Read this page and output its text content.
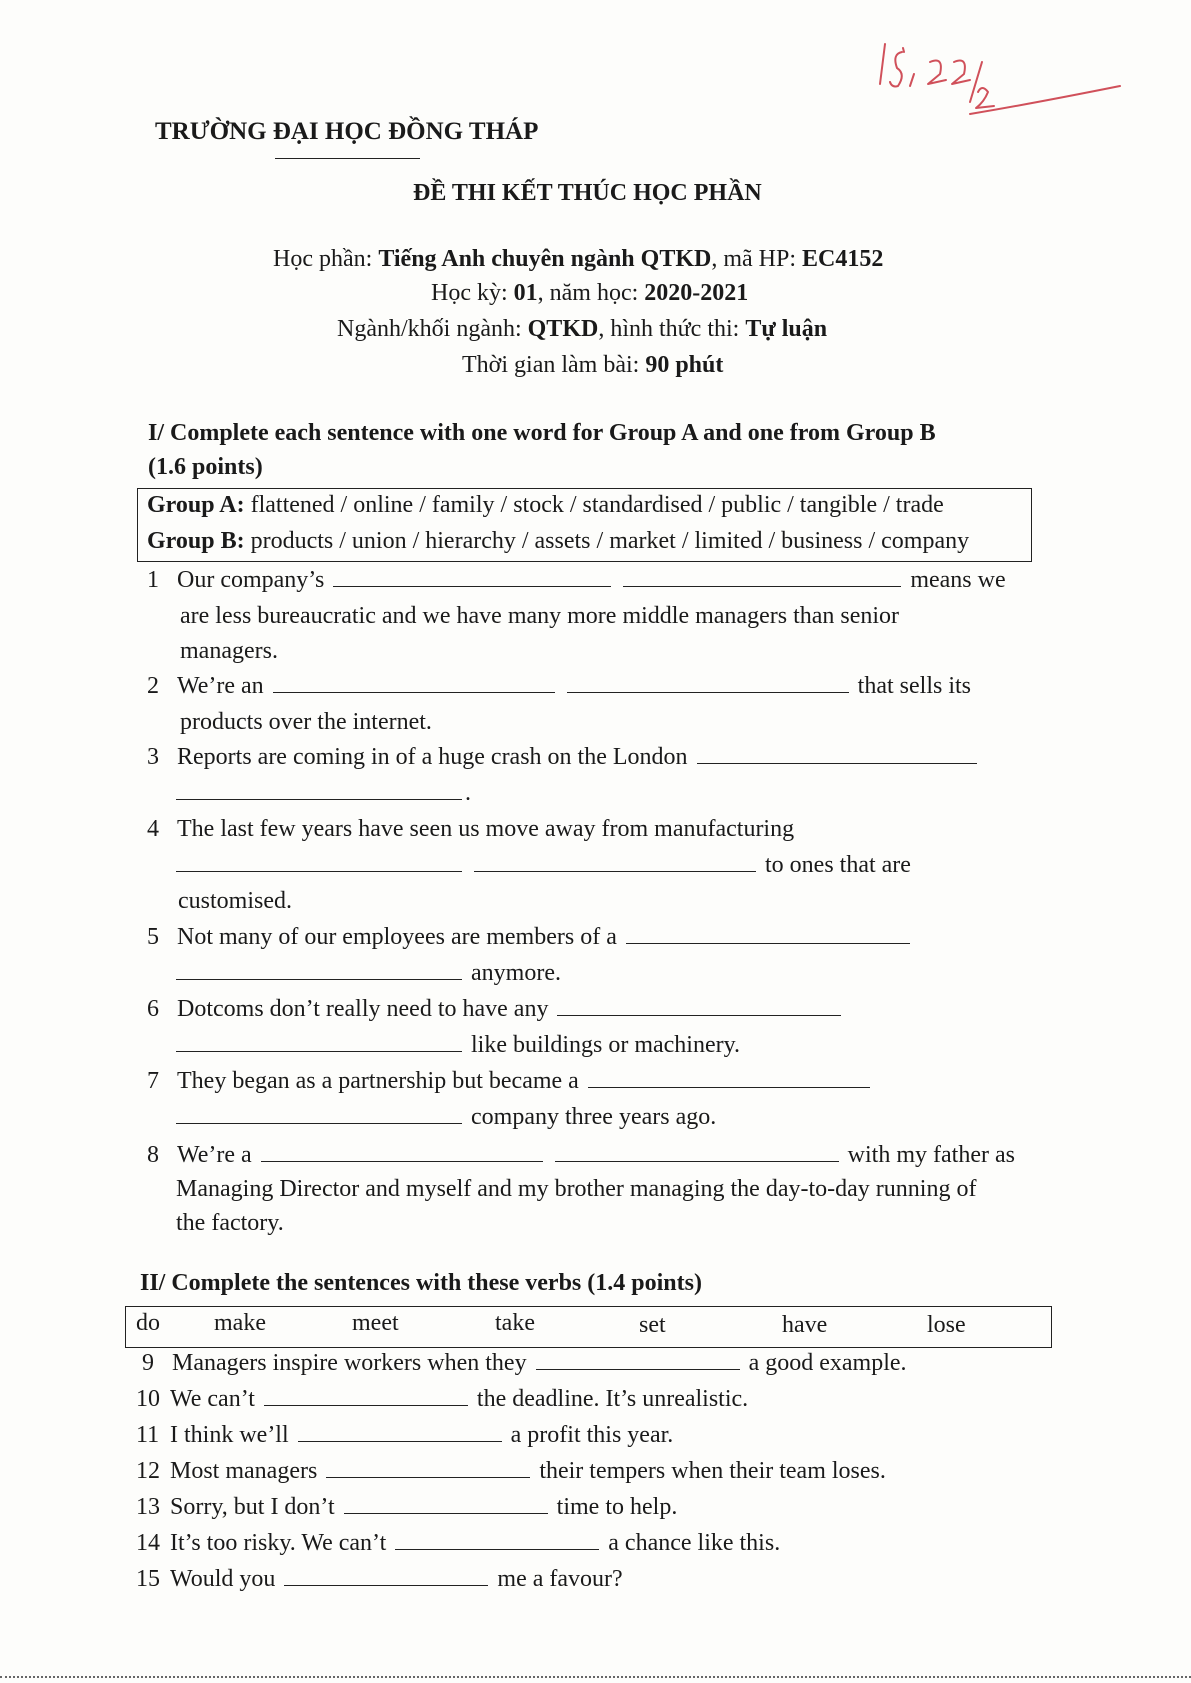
TRƯỜNG ĐẠI HỌC ĐỒNG THÁP
ĐỀ THI KẾT THÚC HỌC PHẦN
Học phần: Tiếng Anh chuyên ngành QTKD, mã HP: EC4152
Học kỳ: 01, năm học: 2020-2021
Ngành/khối ngành: QTKD, hình thức thi: Tự luận
Thời gian làm bài: 90 phút
I/ Complete each sentence with one word for Group A and one from Group B
(1.6 points)
Group A: flattened / online / family / stock / standardised / public / tangible / trade
Group B: products / union / hierarchy / assets / market / limited / business / company
1 Our company’s	means we
are less bureaucratic and we have many more middle managers than senior
managers.
2 We’re an	that sells its
products over the internet.
3 Reports are coming in of a huge crash on the London
.
4 The last few years have seen us move away from manufacturing
to ones that are
customised.
5 Not many of our employees are members of a
anymore.
6 Dotcoms don’t really need to have any
like buildings or machinery.
7 They began as a partnership but became a
company three years ago.
8 We’re a	with my father as
Managing Director and myself and my brother managing the day-to-day running of
the factory.
II/ Complete the sentences with these verbs (1.4 points)
do make	meet	take	set	have	lose
9 Managers inspire workers when they	a good example.
10 We can’t	the deadline. It’s unrealistic.
11 I think we’ll	a profit this year.
12 Most managers	their tempers when their team loses.
13 Sorry, but I don’t	time to help.
14 It’s too risky. We can’t	a chance like this.
15 Would you	me a favour?
